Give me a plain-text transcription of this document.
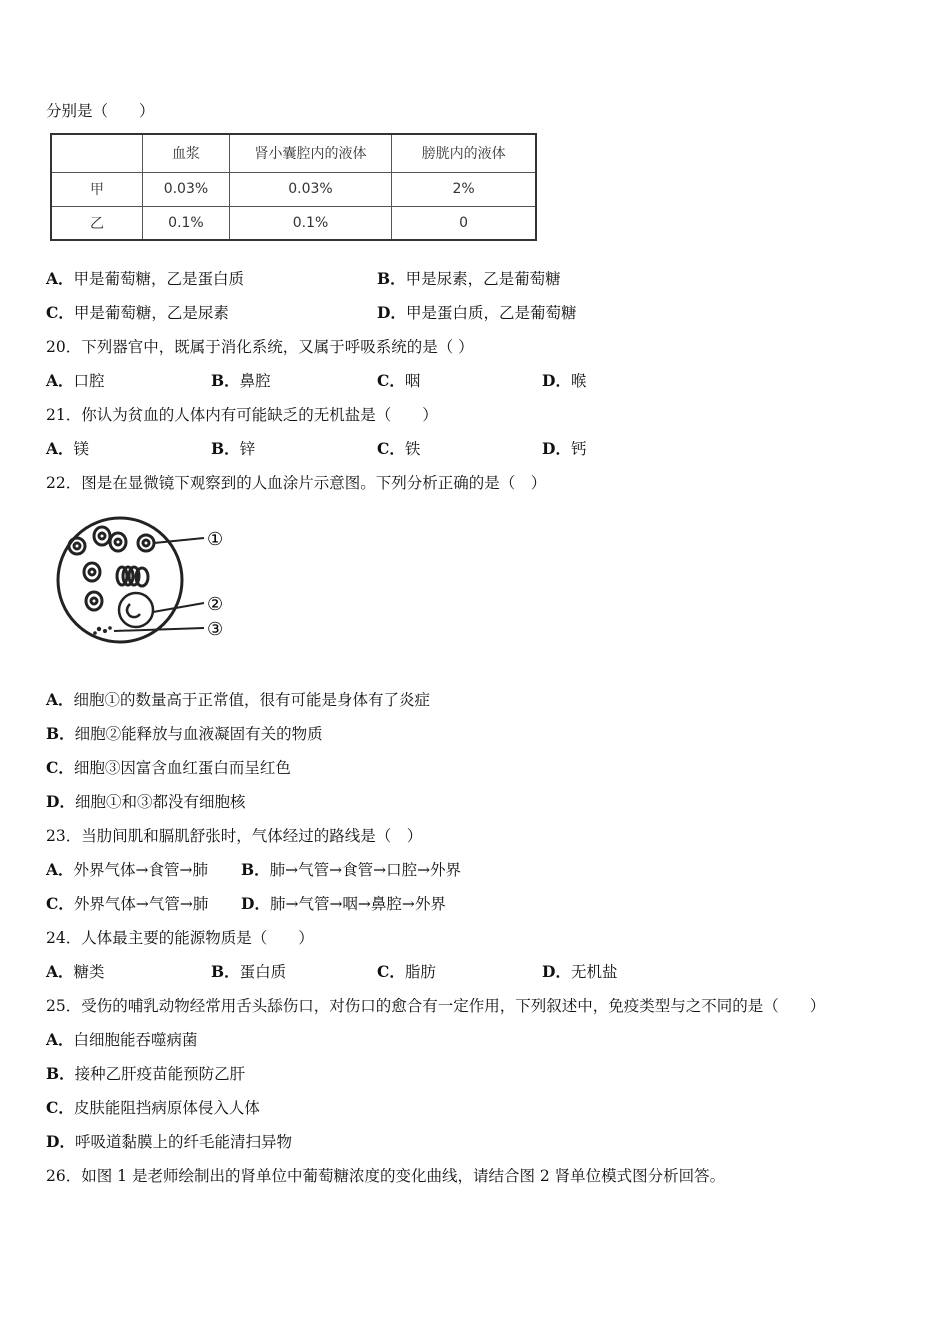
分别是（　　）
	血浆	肾小囊腔内的液体	膀胱内的液体
甲	0.03%	0.03%	2%
乙	0.1%	0.1%	0
A．甲是葡萄糖，乙是蛋白质	B．甲是尿素，乙是葡萄糖
C．甲是葡萄糖，乙是尿素	D．甲是蛋白质，乙是葡萄糖
20．下列器官中，既属于消化系统，又属于呼吸系统的是（ ）
A．口腔	B．鼻腔	C．咽	D．喉
21．你认为贫血的人体内有可能缺乏的无机盐是（　　）
A．镁	B．锌	C．铁	D．钙
22．图是在显微镜下观察到的人血涂片示意图。下列分析正确的是（　）
①
②
③
A．细胞①的数量高于正常值，很有可能是身体有了炎症
B．细胞②能释放与血液凝固有关的物质
C．细胞③因富含血红蛋白而呈红色
D．细胞①和③都没有细胞核
23．当肋间肌和膈肌舒张时，气体经过的路线是（　）
A．外界气体→食管→肺 B．肺→气管→食管→口腔→外界
C．外界气体→气管→肺 D．肺→气管→咽→鼻腔→外界
24．人体最主要的能源物质是（　　）
A．糖类	B．蛋白质	C．脂肪	D．无机盐
25．受伤的哺乳动物经常用舌头舔伤口，对伤口的愈合有一定作用，下列叙述中，免疫类型与之不同的是（　　）
A．白细胞能吞噬病菌
B．接种乙肝疫苗能预防乙肝
C．皮肤能阻挡病原体侵入人体
D．呼吸道黏膜上的纤毛能清扫异物
26．如图 1 是老师绘制出的肾单位中葡萄糖浓度的变化曲线，请结合图 2 肾单位模式图分析回答。
